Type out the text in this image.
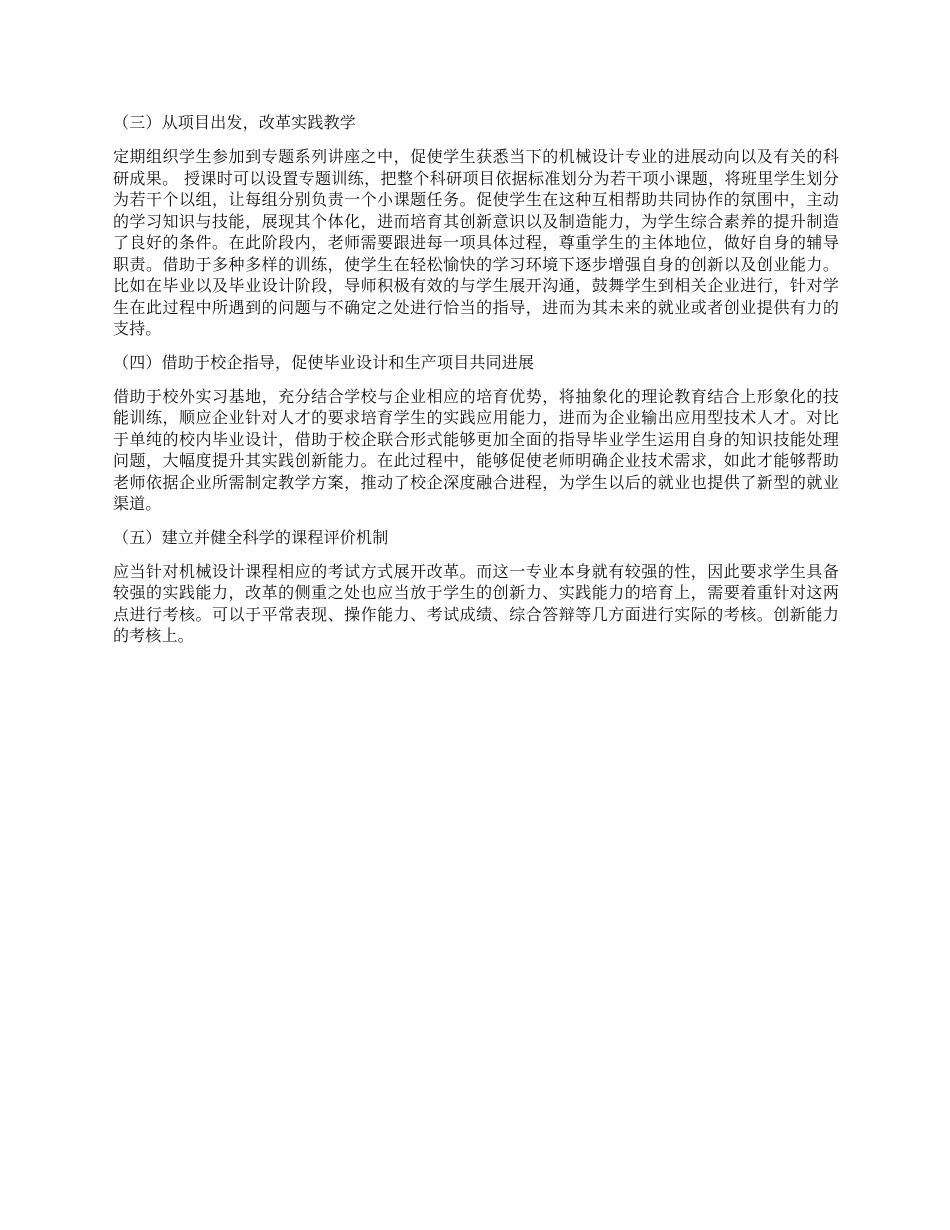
（三）从项目出发，改革实践教学
定期组织学生参加到专题系列讲座之中，促使学生获悉当下的机械设计专业的进展动向以及有关的科研成果。 授课时可以设置专题训练，把整个科研项目依据标准划分为若干项小课题，将班里学生划分为若干个以组，让每组分别负责一个小课题任务。促使学生在这种互相帮助共同协作的氛围中，主动的学习知识与技能，展现其个体化，进而培育其创新意识以及制造能力，为学生综合素养的提升制造了良好的条件。在此阶段内，老师需要跟进每一项具体过程，尊重学生的主体地位，做好自身的辅导职责。借助于多种多样的训练，使学生在轻松愉快的学习环境下逐步增强自身的创新以及创业能力。比如在毕业以及毕业设计阶段，导师积极有效的与学生展开沟通，鼓舞学生到相关企业进行，针对学生在此过程中所遇到的问题与不确定之处进行恰当的指导，进而为其未来的就业或者创业提供有力的支持。
（四）借助于校企指导，促使毕业设计和生产项目共同进展
借助于校外实习基地，充分结合学校与企业相应的培育优势，将抽象化的理论教育结合上形象化的技能训练，顺应企业针对人才的要求培育学生的实践应用能力，进而为企业输出应用型技术人才。对比于单纯的校内毕业设计，借助于校企联合形式能够更加全面的指导毕业学生运用自身的知识技能处理问题，大幅度提升其实践创新能力。在此过程中，能够促使老师明确企业技术需求，如此才能够帮助老师依据企业所需制定教学方案，推动了校企深度融合进程，为学生以后的就业也提供了新型的就业渠道。
（五）建立并健全科学的课程评价机制
应当针对机械设计课程相应的考试方式展开改革。而这一专业本身就有较强的性，因此要求学生具备较强的实践能力，改革的侧重之处也应当放于学生的创新力、实践能力的培育上，需要着重针对这两点进行考核。可以于平常表现、操作能力、考试成绩、综合答辩等几方面进行实际的考核。创新能力的考核上。
